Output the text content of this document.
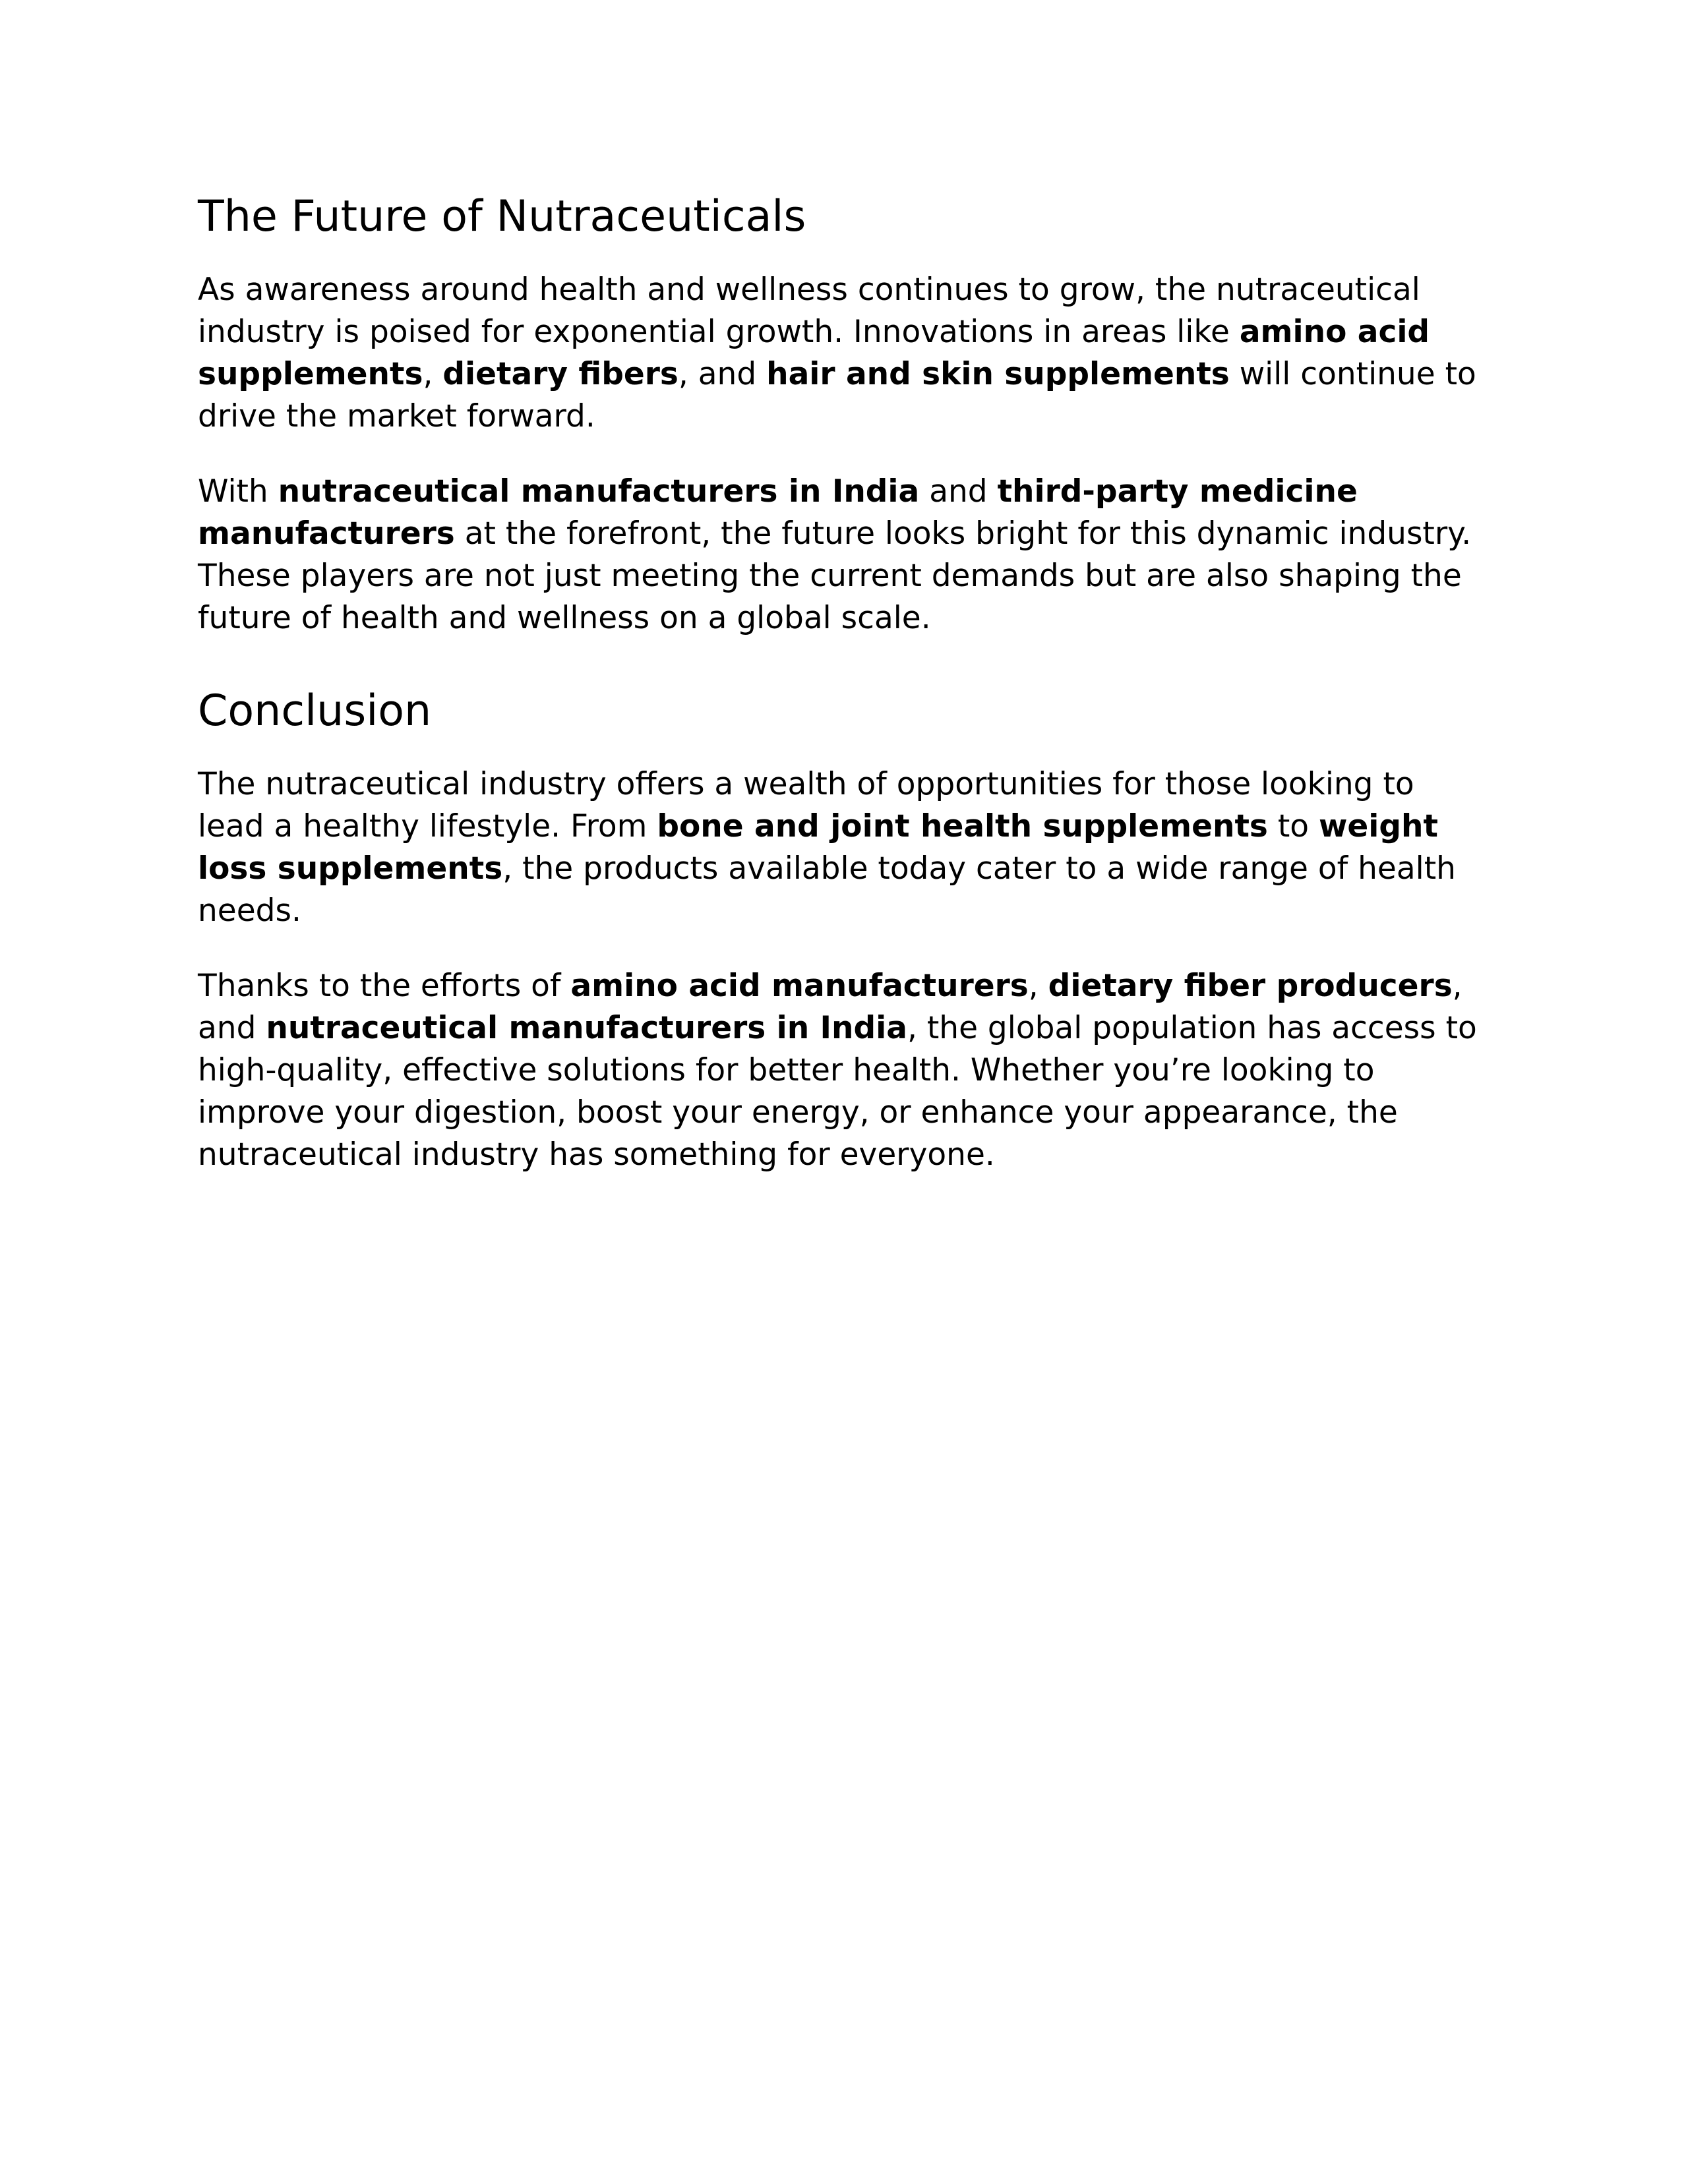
The Future of Nutraceuticals

As awareness around health and wellness continues to grow, the nutraceutical industry is poised for exponential growth. Innovations in areas like amino acid supplements, dietary fibers, and hair and skin supplements will continue to drive the market forward.

With nutraceutical manufacturers in India and third-party medicine manufacturers at the forefront, the future looks bright for this dynamic industry. These players are not just meeting the current demands but are also shaping the future of health and wellness on a global scale.

Conclusion

The nutraceutical industry offers a wealth of opportunities for those looking to lead a healthy lifestyle. From bone and joint health supplements to weight loss supplements, the products available today cater to a wide range of health needs.

Thanks to the efforts of amino acid manufacturers, dietary fiber producers, and nutraceutical manufacturers in India, the global population has access to high-quality, effective solutions for better health. Whether you’re looking to improve your digestion, boost your energy, or enhance your appearance, the nutraceutical industry has something for everyone.
